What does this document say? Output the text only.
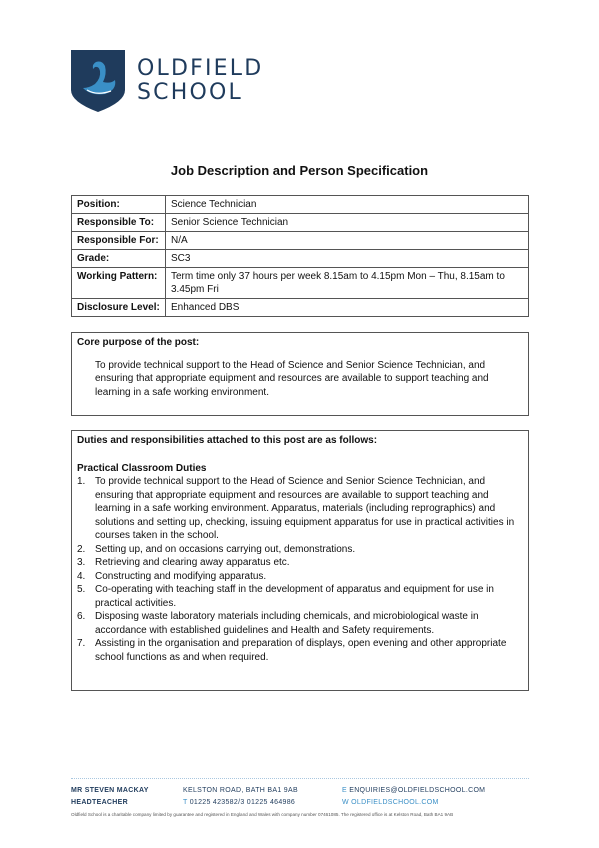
OLDFIELD
SCHOOL
Job Description and Person Specification
Position:	Science Technician
Responsible To:	Senior Science Technician
Responsible For:	N/A
Grade:	SC3
Working Pattern:	Term time only 37 hours per week 8.15am to 4.15pm Mon – Thu, 8.15am to 3.45pm Fri
Disclosure Level:	Enhanced DBS
Core purpose of the post:

To provide technical support to the Head of Science and Senior Science Technician, and ensuring that appropriate equipment and resources are available to support teaching and learning in a safe working environment.

Duties and responsibilities attached to this post are as follows:
Practical Classroom Duties
1. To provide technical support to the Head of Science and Senior Science Technician, and ensuring that appropriate equipment and resources are available to support teaching and learning in a safe working environment. Apparatus, materials (including reprographics) and solutions and setting up, checking, issuing equipment apparatus for use in practical activities in courses taken in the school.
2. Setting up, and on occasions carrying out, demonstrations.
3. Retrieving and clearing away apparatus etc.
4. Constructing and modifying apparatus.
5. Co-operating with teaching staff in the development of apparatus and equipment for use in practical activities.
6. Disposing waste laboratory materials including chemicals, and microbiological waste in accordance with established guidelines and Health and Safety requirements.
7. Assisting in the organisation and preparation of displays, open evening and other appropriate school functions as and when required.
MR STEVEN MACKAY
HEADTEACHER
KELSTON ROAD, BATH BA1 9AB
T 01225 423582/3 01225 464986
E ENQUIRIES@OLDFIELDSCHOOL.COM
W OLDFIELDSCHOOL.COM
Oldfield School is a charitable company limited by guarantee and registered in England and Wales with company number 07461085. The registered office is at Kelston Road, Bath BA1 9AB
